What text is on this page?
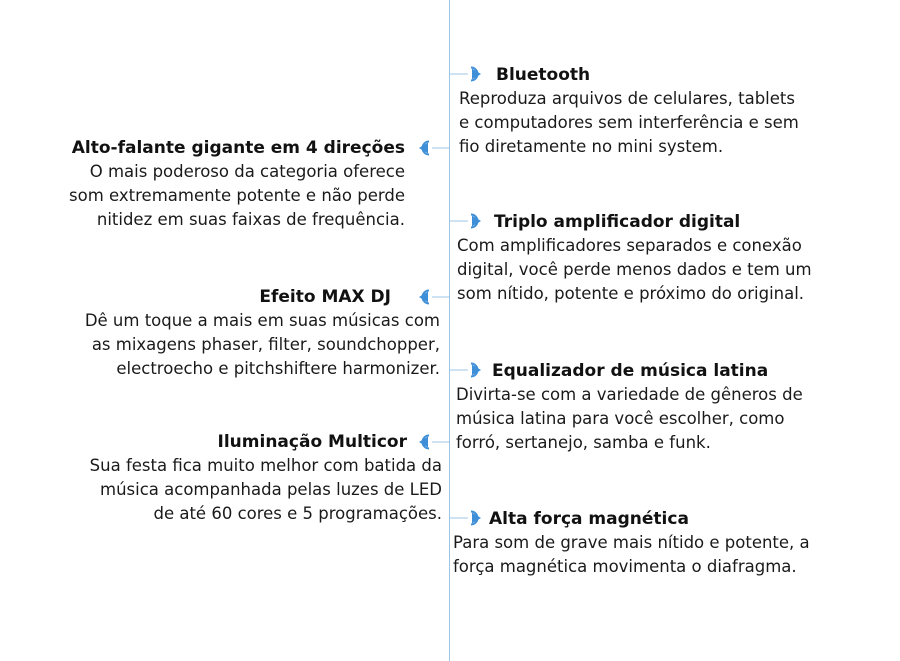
Alto-falante gigante em 4 direções

O mais poderoso da categoria oferece
som extremamente potente e não perde
nitidez em suas faixas de frequência.

Efeito MAX DJ

Dê um toque a mais em suas músicas com
as mixagens phaser, filter, soundchopper,
electroecho e pitchshiftere harmonizer.

Iluminação Multicor

Sua festa fica muito melhor com batida da
música acompanhada pelas luzes de LED
de até 60 cores e 5 programações.

Bluetooth

Reproduza arquivos de celulares, tablets
e computadores sem interferência e sem
fio diretamente no mini system.

Triplo amplificador digital

Com amplificadores separados e conexão
digital, você perde menos dados e tem um
som nítido, potente e próximo do original.

Equalizador de música latina

Divirta-se com a variedade de gêneros de
música latina para você escolher, como
forró, sertanejo, samba e funk.

Alta força magnética

Para som de grave mais nítido e potente, a
força magnética movimenta o diafragma.
